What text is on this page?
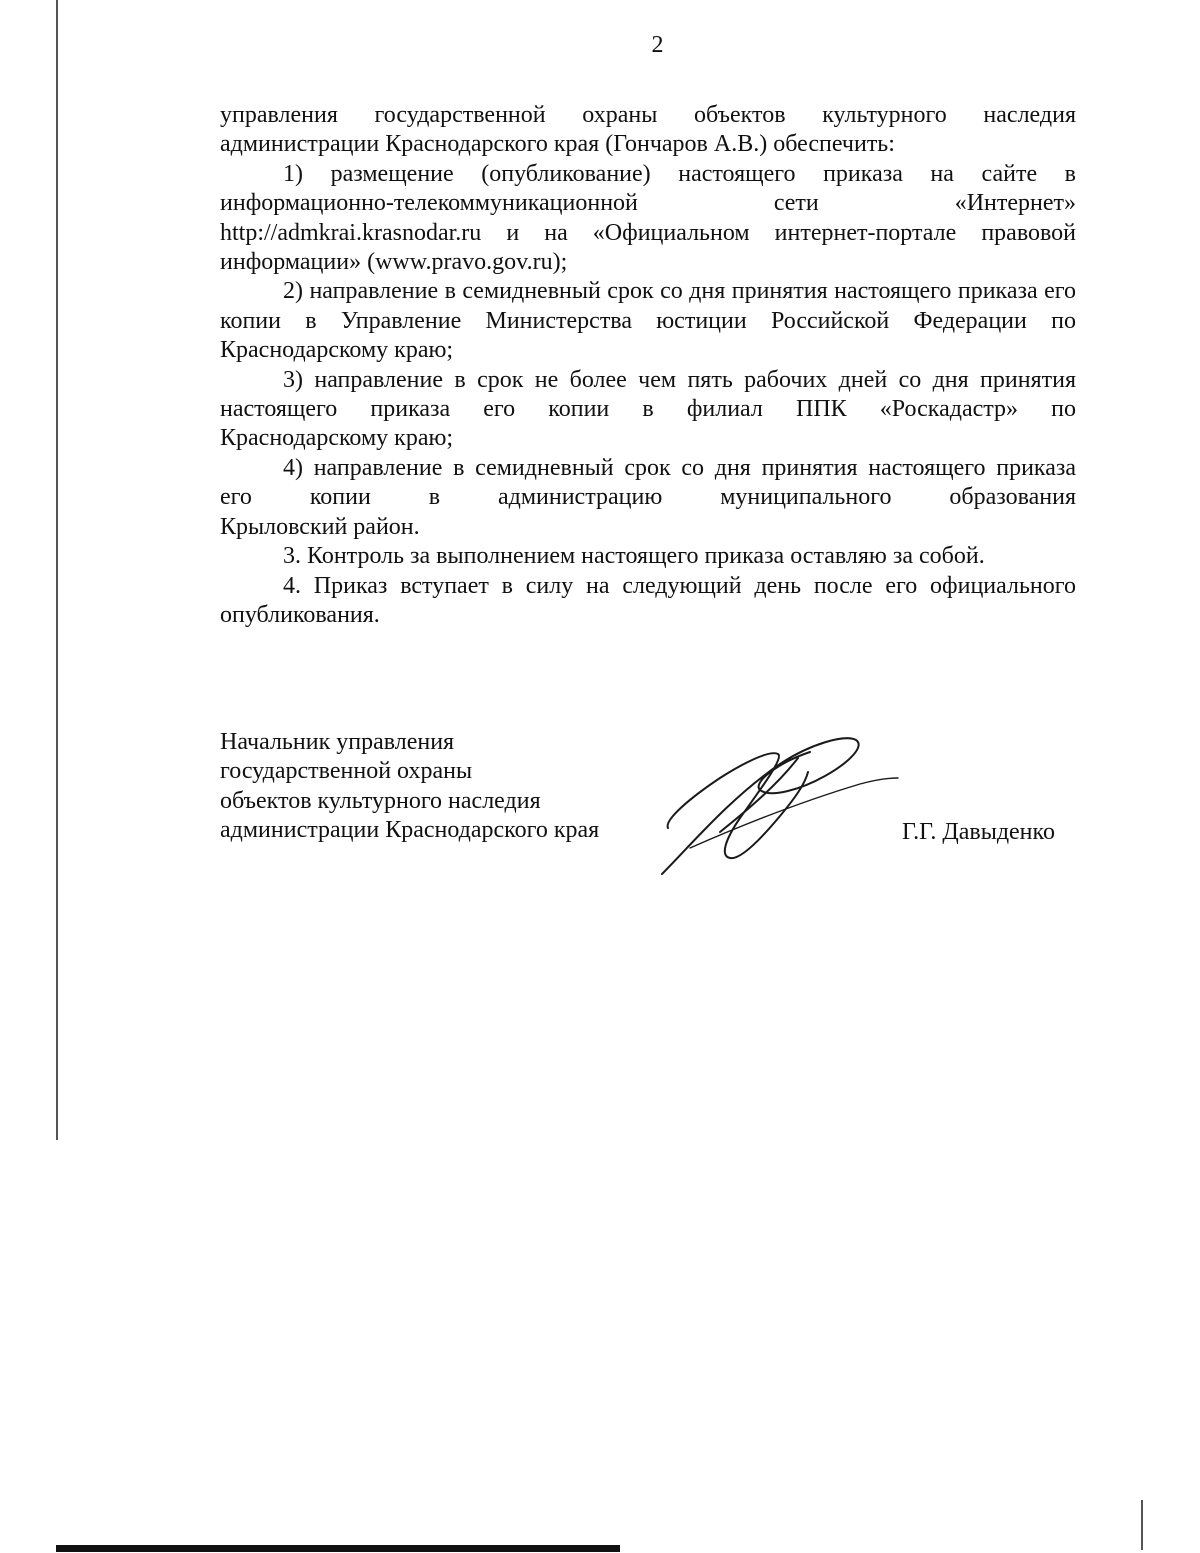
2

управления государственной охраны объектов культурного наследия администрации Краснодарского края (Гончаров А.В.) обеспечить:

1) размещение (опубликование) настоящего приказа на сайте в

информационно-телекоммуникационной сети «Интернет»

http://admkrai.krasnodar.ru и на «Официальном интернет-портале правовой

информации» (www.pravo.gov.ru);

2) направление в семидневный срок со дня принятия настоящего приказа его копии в Управление Министерства юстиции Российской Федерации по Краснодарскому краю;

3) направление в срок не более чем пять рабочих дней со дня принятия

настоящего приказа его копии в филиал ППК «Роскадастр» по

Краснодарскому краю;

4) направление в семидневный срок со дня принятия настоящего приказа

его копии в администрацию муниципального образования

Крыловский район.

3. Контроль за выполнением настоящего приказа оставляю за собой.

4. Приказ вступает в силу на следующий день после его официального опубликования.

Начальник управления
государственной охраны
объектов культурного наследия
администрации Краснодарского края	Г.Г. Давыденко
